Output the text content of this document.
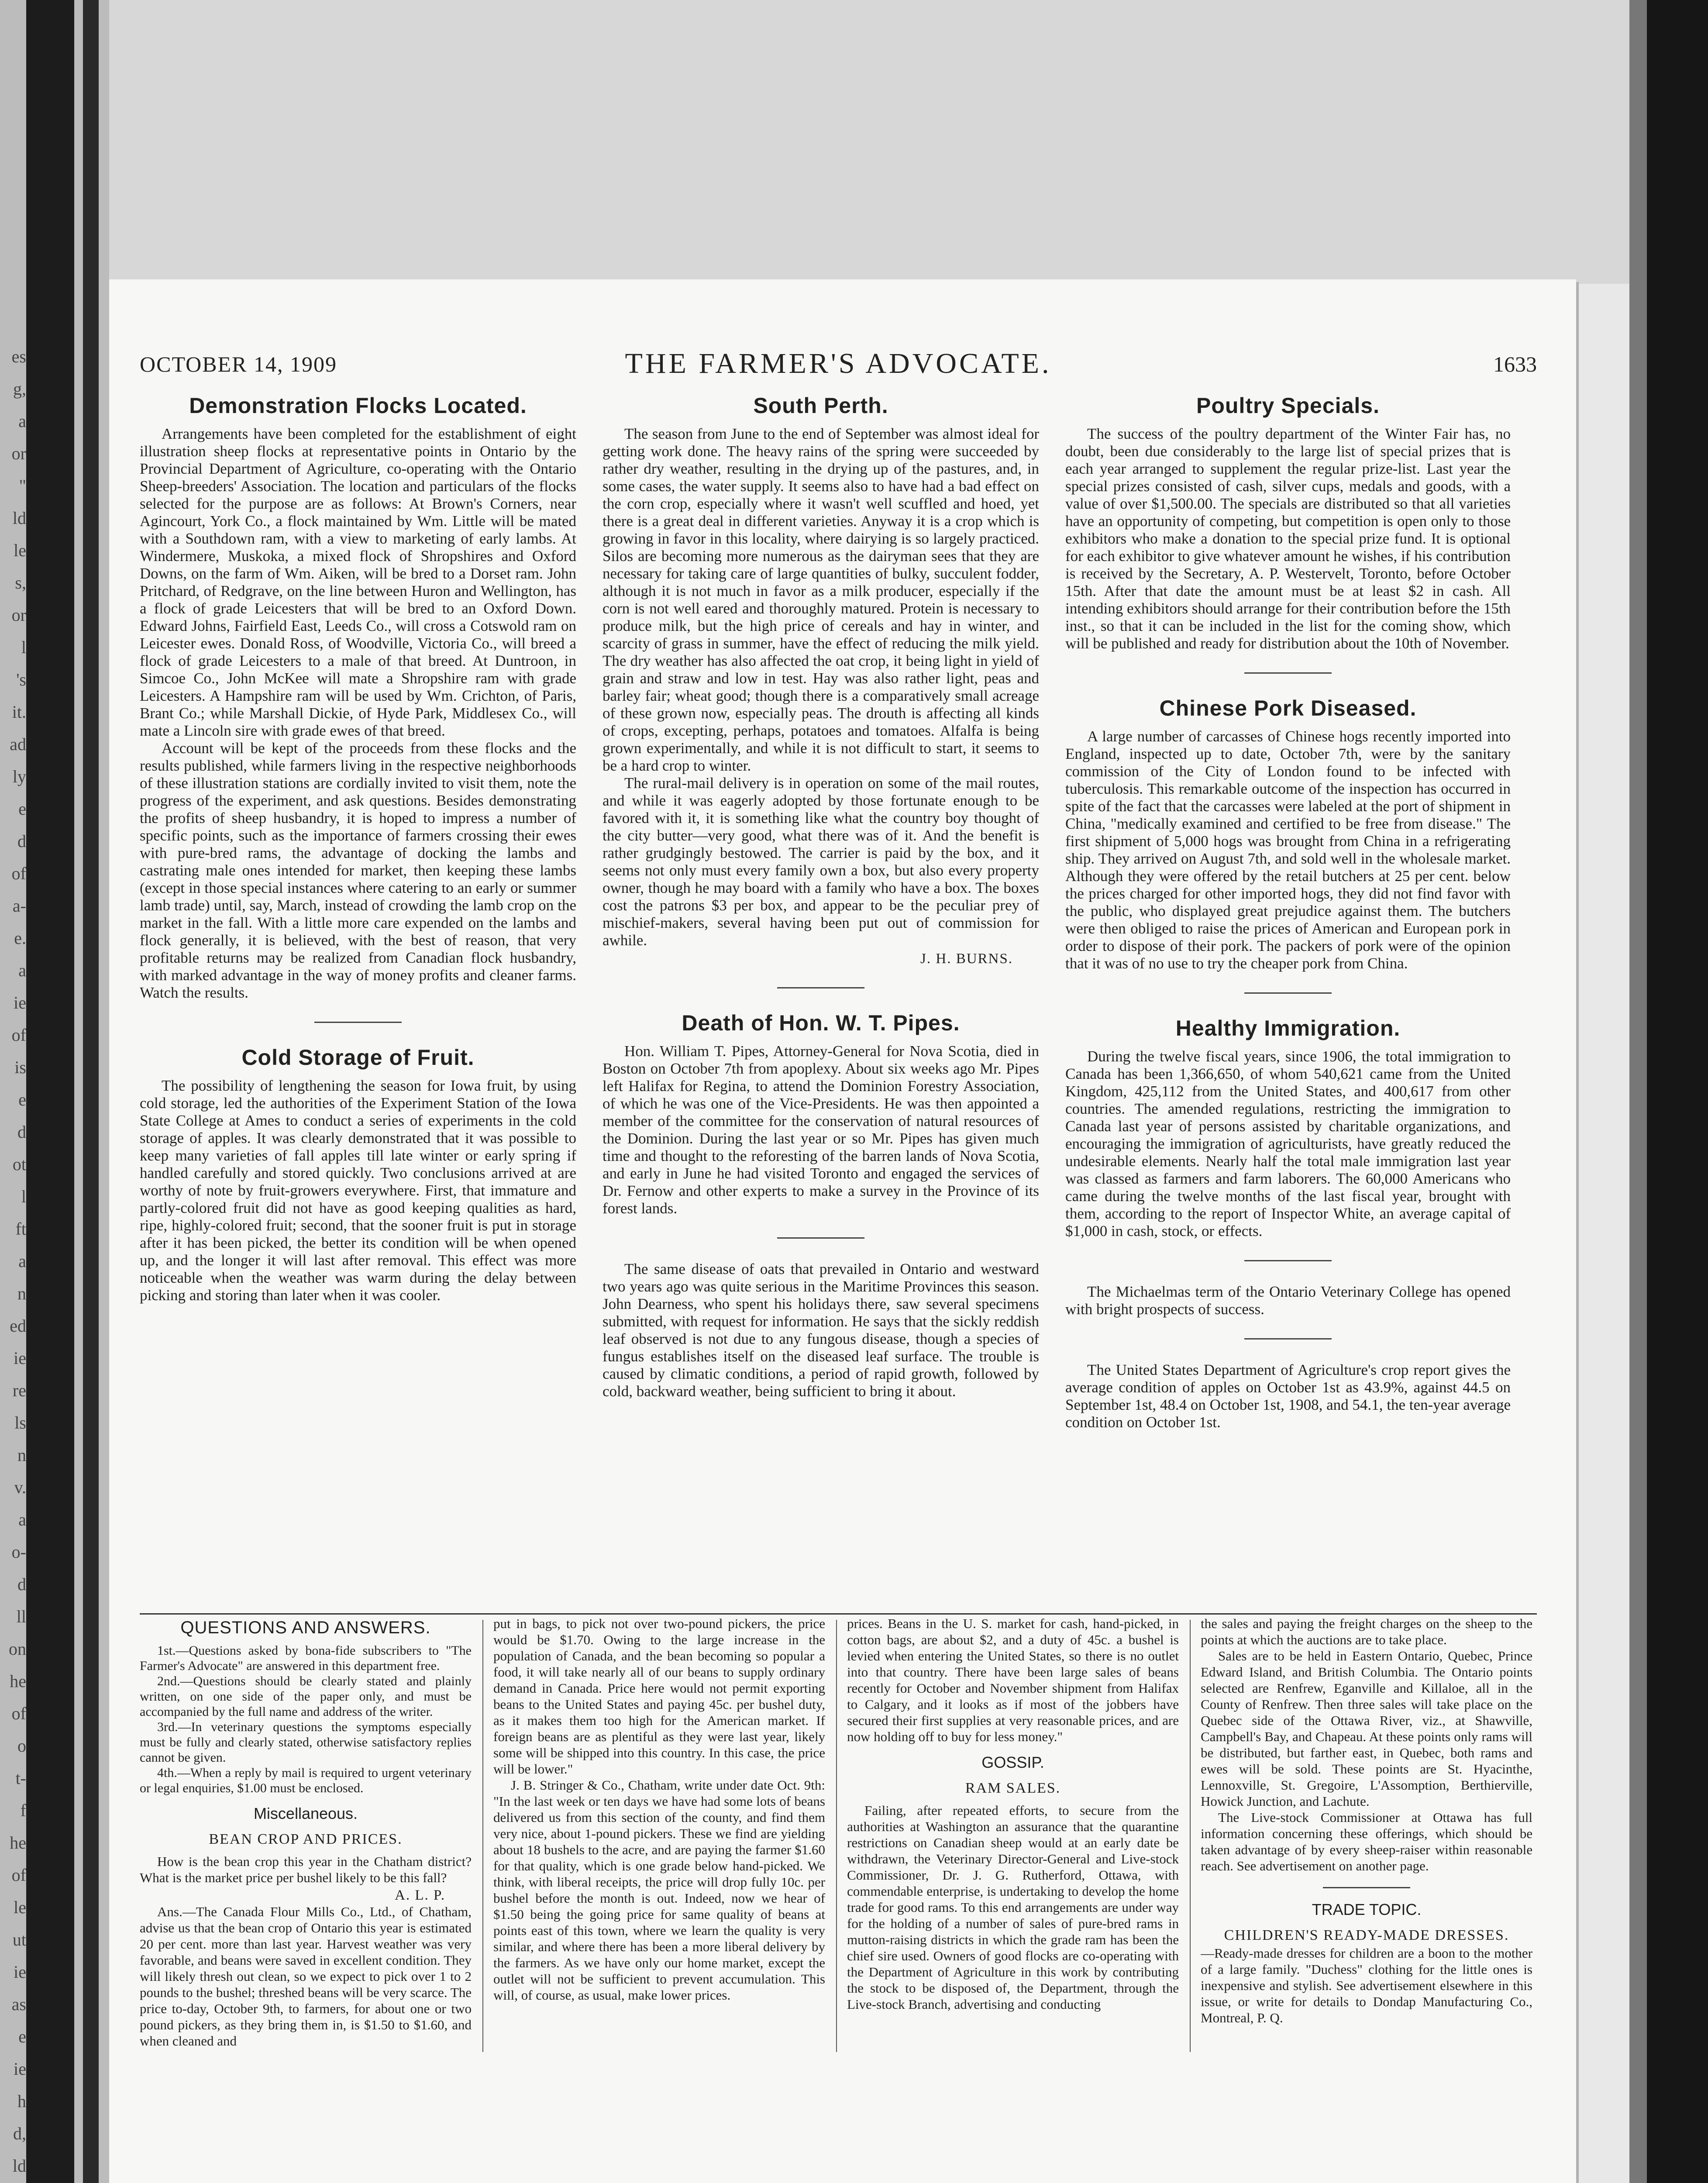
es
g,
a
or
"
ld
le
s,
or
l
's
it.
ad
ly
e
d
of
a-
e.
a
ie
of
is
e
d
ot
l
ft
a
n
ed
ie
re
ls
n
v.
a
o-
d
ll
on
he
of
o
t-
f
he
of
le
ut
ie
as
e
ie
h
d,
ld
OCTOBER 14, 1909	THE FARMER'S ADVOCATE.	1633
Demonstration Flocks Located.

Arrangements have been completed for the establishment of eight illustration sheep flocks at representative points in Ontario by the Provincial Department of Agriculture, co-operating with the Ontario Sheep-breeders' Association. The location and particulars of the flocks selected for the purpose are as follows: At Brown's Corners, near Agincourt, York Co., a flock maintained by Wm. Little will be mated with a Southdown ram, with a view to marketing of early lambs. At Windermere, Muskoka, a mixed flock of Shropshires and Oxford Downs, on the farm of Wm. Aiken, will be bred to a Dorset ram. John Pritchard, of Redgrave, on the line between Huron and Wellington, has a flock of grade Leicesters that will be bred to an Oxford Down. Edward Johns, Fairfield East, Leeds Co., will cross a Cotswold ram on Leicester ewes. Donald Ross, of Woodville, Victoria Co., will breed a flock of grade Leicesters to a male of that breed. At Duntroon, in Simcoe Co., John McKee will mate a Shropshire ram with grade Leicesters. A Hampshire ram will be used by Wm. Crichton, of Paris, Brant Co.; while Marshall Dickie, of Hyde Park, Middlesex Co., will mate a Lincoln sire with grade ewes of that breed.

Account will be kept of the proceeds from these flocks and the results published, while farmers living in the respective neighborhoods of these illustration stations are cordially invited to visit them, note the progress of the experiment, and ask questions. Besides demonstrating the profits of sheep husbandry, it is hoped to impress a number of specific points, such as the importance of farmers crossing their ewes with pure-bred rams, the advantage of docking the lambs and castrating male ones intended for market, then keeping these lambs (except in those special instances where catering to an early or summer lamb trade) until, say, March, instead of crowding the lamb crop on the market in the fall. With a little more care expended on the lambs and flock generally, it is believed, with the best of reason, that very profitable returns may be realized from Canadian flock husbandry, with marked advantage in the way of money profits and cleaner farms. Watch the results.

Cold Storage of Fruit.

The possibility of lengthening the season for Iowa fruit, by using cold storage, led the authorities of the Experiment Station of the Iowa State College at Ames to conduct a series of experiments in the cold storage of apples. It was clearly demonstrated that it was possible to keep many varieties of fall apples till late winter or early spring if handled carefully and stored quickly. Two conclusions arrived at are worthy of note by fruit-growers everywhere. First, that immature and partly-colored fruit did not have as good keeping qualities as hard, ripe, highly-colored fruit; second, that the sooner fruit is put in storage after it has been picked, the better its condition will be when opened up, and the longer it will last after removal. This effect was more noticeable when the weather was warm during the delay between picking and storing than later when it was cooler.

South Perth.

The season from June to the end of September was almost ideal for getting work done. The heavy rains of the spring were succeeded by rather dry weather, resulting in the drying up of the pastures, and, in some cases, the water supply. It seems also to have had a bad effect on the corn crop, especially where it wasn't well scuffled and hoed, yet there is a great deal in different varieties. Anyway it is a crop which is growing in favor in this locality, where dairying is so largely practiced. Silos are becoming more numerous as the dairyman sees that they are necessary for taking care of large quantities of bulky, succulent fodder, although it is not much in favor as a milk producer, especially if the corn is not well eared and thoroughly matured. Protein is necessary to produce milk, but the high price of cereals and hay in winter, and scarcity of grass in summer, have the effect of reducing the milk yield. The dry weather has also affected the oat crop, it being light in yield of grain and straw and low in test. Hay was also rather light, peas and barley fair; wheat good; though there is a comparatively small acreage of these grown now, especially peas. The drouth is affecting all kinds of crops, excepting, perhaps, potatoes and tomatoes. Alfalfa is being grown experimentally, and while it is not difficult to start, it seems to be a hard crop to winter.

The rural-mail delivery is in operation on some of the mail routes, and while it was eagerly adopted by those fortunate enough to be favored with it, it is something like what the country boy thought of the city butter—very good, what there was of it. And the benefit is rather grudgingly bestowed. The carrier is paid by the box, and it seems not only must every family own a box, but also every property owner, though he may board with a family who have a box. The boxes cost the patrons $3 per box, and appear to be the peculiar prey of mischief-makers, several having been put out of commission for awhile.

J. H. BURNS.
Death of Hon. W. T. Pipes.

Hon. William T. Pipes, Attorney-General for Nova Scotia, died in Boston on October 7th from apoplexy. About six weeks ago Mr. Pipes left Halifax for Regina, to attend the Dominion Forestry Association, of which he was one of the Vice-Presidents. He was then appointed a member of the committee for the conservation of natural resources of the Dominion. During the last year or so Mr. Pipes has given much time and thought to the reforesting of the barren lands of Nova Scotia, and early in June he had visited Toronto and engaged the services of Dr. Fernow and other experts to make a survey in the Province of its forest lands.

The same disease of oats that prevailed in Ontario and westward two years ago was quite serious in the Maritime Provinces this season. John Dearness, who spent his holidays there, saw several specimens submitted, with request for information. He says that the sickly reddish leaf observed is not due to any fungous disease, though a species of fungus establishes itself on the diseased leaf surface. The trouble is caused by climatic conditions, a period of rapid growth, followed by cold, backward weather, being sufficient to bring it about.

Poultry Specials.

The success of the poultry department of the Winter Fair has, no doubt, been due considerably to the large list of special prizes that is each year arranged to supplement the regular prize-list. Last year the special prizes consisted of cash, silver cups, medals and goods, with a value of over $1,500.00. The specials are distributed so that all varieties have an opportunity of competing, but competition is open only to those exhibitors who make a donation to the special prize fund. It is optional for each exhibitor to give whatever amount he wishes, if his contribution is received by the Secretary, A. P. Westervelt, Toronto, before October 15th. After that date the amount must be at least $2 in cash. All intending exhibitors should arrange for their contribution before the 15th inst., so that it can be included in the list for the coming show, which will be published and ready for distribution about the 10th of November.

Chinese Pork Diseased.

A large number of carcasses of Chinese hogs recently imported into England, inspected up to date, October 7th, were by the sanitary commission of the City of London found to be infected with tuberculosis. This remarkable outcome of the inspection has occurred in spite of the fact that the carcasses were labeled at the port of shipment in China, "medically examined and certified to be free from disease." The first shipment of 5,000 hogs was brought from China in a refrigerating ship. They arrived on August 7th, and sold well in the wholesale market. Although they were offered by the retail butchers at 25 per cent. below the prices charged for other imported hogs, they did not find favor with the public, who displayed great prejudice against them. The butchers were then obliged to raise the prices of American and European pork in order to dispose of their pork. The packers of pork were of the opinion that it was of no use to try the cheaper pork from China.

Healthy Immigration.

During the twelve fiscal years, since 1906, the total immigration to Canada has been 1,366,650, of whom 540,621 came from the United Kingdom, 425,112 from the United States, and 400,617 from other countries. The amended regulations, restricting the immigration to Canada last year of persons assisted by charitable organizations, and encouraging the immigration of agriculturists, have greatly reduced the undesirable elements. Nearly half the total male immigration last year was classed as farmers and farm laborers. The 60,000 Americans who came during the twelve months of the last fiscal year, brought with them, according to the report of Inspector White, an average capital of $1,000 in cash, stock, or effects.

The Michaelmas term of the Ontario Veterinary College has opened with bright prospects of success.

The United States Department of Agriculture's crop report gives the average condition of apples on October 1st as 43.9%, against 44.5 on September 1st, 48.4 on October 1st, 1908, and 54.1, the ten-year average condition on October 1st.

QUESTIONS AND ANSWERS.

1st.—Questions asked by bona-fide subscribers to "The Farmer's Advocate" are answered in this department free.

2nd.—Questions should be clearly stated and plainly written, on one side of the paper only, and must be accompanied by the full name and address of the writer.

3rd.—In veterinary questions the symptoms especially must be fully and clearly stated, otherwise satisfactory replies cannot be given.

4th.—When a reply by mail is required to urgent veterinary or legal enquiries, $1.00 must be enclosed.

Miscellaneous.
BEAN CROP AND PRICES.

How is the bean crop this year in the Chatham district? What is the market price per bushel likely to be this fall?

A. L. P.

Ans.—The Canada Flour Mills Co., Ltd., of Chatham, advise us that the bean crop of Ontario this year is estimated 20 per cent. more than last year. Harvest weather was very favorable, and beans were saved in excellent condition. They will likely thresh out clean, so we expect to pick over 1 to 2 pounds to the bushel; threshed beans will be very scarce. The price to-day, October 9th, to farmers, for about one or two pound pickers, as they bring them in, is $1.50 to $1.60, and when cleaned and

put in bags, to pick not over two-pound pickers, the price would be $1.70. Owing to the large increase in the population of Canada, and the bean becoming so popular a food, it will take nearly all of our beans to supply ordinary demand in Canada. Price here would not permit exporting beans to the United States and paying 45c. per bushel duty, as it makes them too high for the American market. If foreign beans are as plentiful as they were last year, likely some will be shipped into this country. In this case, the price will be lower."

J. B. Stringer & Co., Chatham, write under date Oct. 9th: "In the last week or ten days we have had some lots of beans delivered us from this section of the county, and find them very nice, about 1-pound pickers. These we find are yielding about 18 bushels to the acre, and are paying the farmer $1.60 for that quality, which is one grade below hand-picked. We think, with liberal receipts, the price will drop fully 10c. per bushel before the month is out. Indeed, now we hear of $1.50 being the going price for same quality of beans at points east of this town, where we learn the quality is very similar, and where there has been a more liberal delivery by the farmers. As we have only our home market, except the outlet will not be sufficient to prevent accumulation. This will, of course, as usual, make lower prices.

prices. Beans in the U. S. market for cash, hand-picked, in cotton bags, are about $2, and a duty of 45c. a bushel is levied when entering the United States, so there is no outlet into that country. There have been large sales of beans recently for October and November shipment from Halifax to Calgary, and it looks as if most of the jobbers have secured their first supplies at very reasonable prices, and are now holding off to buy for less money."

GOSSIP.
RAM SALES.

Failing, after repeated efforts, to secure from the authorities at Washington an assurance that the quarantine restrictions on Canadian sheep would at an early date be withdrawn, the Veterinary Director-General and Live-stock Commissioner, Dr. J. G. Rutherford, Ottawa, with commendable enterprise, is undertaking to develop the home trade for good rams. To this end arrangements are under way for the holding of a number of sales of pure-bred rams in mutton-raising districts in which the grade ram has been the chief sire used. Owners of good flocks are co-operating with the Department of Agriculture in this work by contributing the stock to be disposed of, the Department, through the Live-stock Branch, advertising and conducting

the sales and paying the freight charges on the sheep to the points at which the auctions are to take place.

Sales are to be held in Eastern Ontario, Quebec, Prince Edward Island, and British Columbia. The Ontario points selected are Renfrew, Eganville and Killaloe, all in the County of Renfrew. Then three sales will take place on the Quebec side of the Ottawa River, viz., at Shawville, Campbell's Bay, and Chapeau. At these points only rams will be distributed, but farther east, in Quebec, both rams and ewes will be sold. These points are St. Hyacinthe, Lennoxville, St. Gregoire, L'Assomption, Berthierville, Howick Junction, and Lachute.

The Live-stock Commissioner at Ottawa has full information concerning these offerings, which should be taken advantage of by every sheep-raiser within reasonable reach. See advertisement on another page.

TRADE TOPIC.
CHILDREN'S READY-MADE DRESSES.

—Ready-made dresses for children are a boon to the mother of a large family. "Duchess" clothing for the little ones is inexpensive and stylish. See advertisement elsewhere in this issue, or write for details to Dondap Manufacturing Co., Montreal, P. Q.
